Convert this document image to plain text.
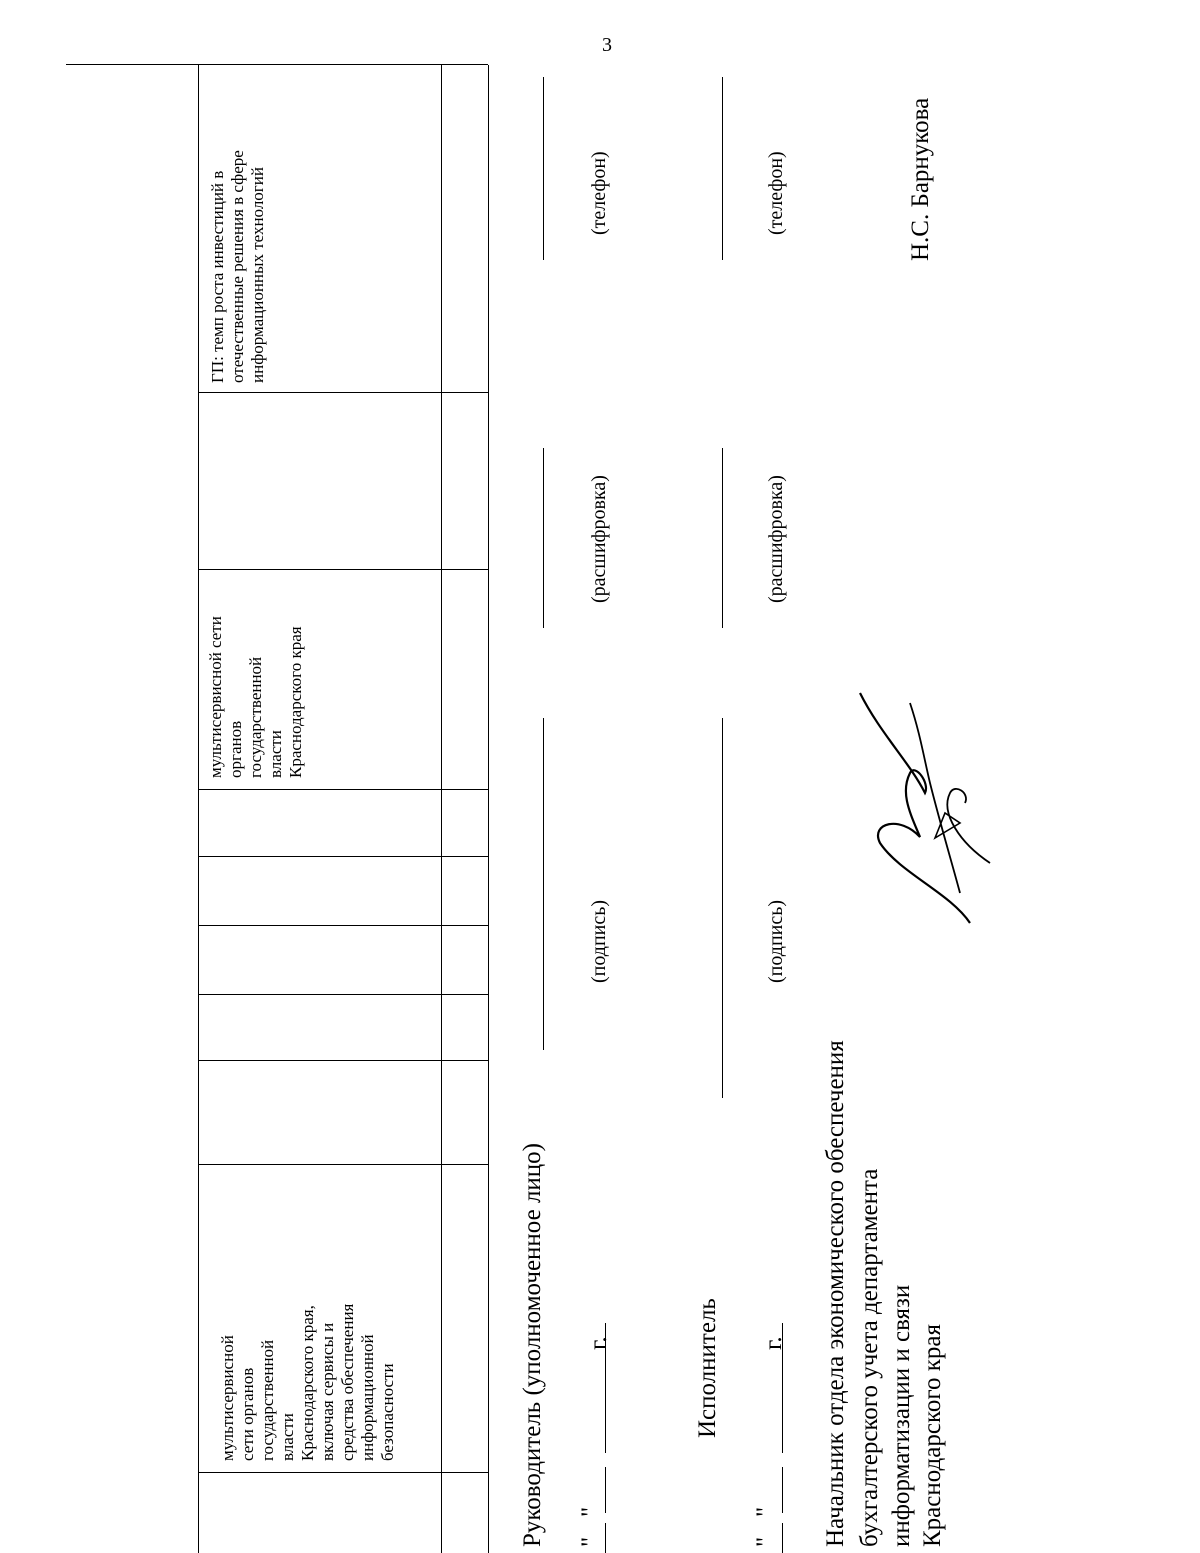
3
мультисервисной сети органов государственной власти Краснодарского края, включая сервисы и средства обеспечения информационной безопасности
мультисервисной сети органов государственной власти Краснодарского края
ГП: темп роста инвестиций в отечественные решения в сфере информационных технологий
Руководитель (уполномоченное лицо) "
"
г.
(подпись)
(расшифровка)
(телефон)
Исполнитель
"
"
г.
(подпись)
(расшифровка)
(телефон)
Начальник отдела экономического обеспечения бухгалтерского учета департамента информатизации и связи Краснодарского края
Н.С. Барнукова
